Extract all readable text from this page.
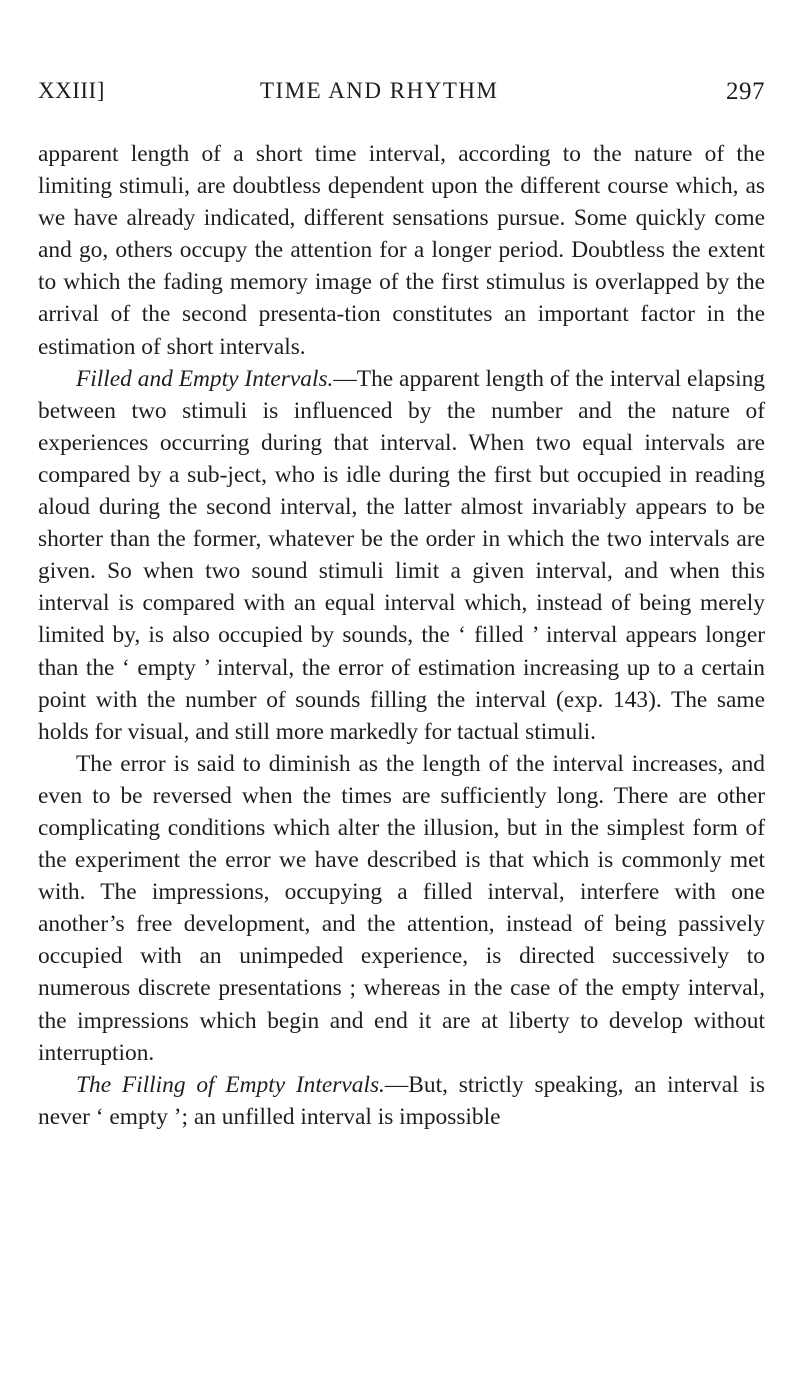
XXIII]	TIME AND RHYTHM	297

apparent length of a short time interval, according to the nature of the limiting stimuli, are doubtless dependent upon the different course which, as we have already indicated, different sensations pursue. Some quickly come and go, others occupy the attention for a longer period. Doubtless the extent to which the fading memory image of the first stimulus is overlapped by the arrival of the second presenta-tion constitutes an important factor in the estimation of short intervals.

Filled and Empty Intervals.—The apparent length of the interval elapsing between two stimuli is influenced by the number and the nature of experiences occurring during that interval. When two equal intervals are compared by a sub-ject, who is idle during the first but occupied in reading aloud during the second interval, the latter almost invariably appears to be shorter than the former, whatever be the order in which the two intervals are given. So when two sound stimuli limit a given interval, and when this interval is compared with an equal interval which, instead of being merely limited by, is also occupied by sounds, the ‘ filled ’ interval appears longer than the ‘ empty ’ interval, the error of estimation increasing up to a certain point with the number of sounds filling the interval (exp. 143). The same holds for visual, and still more markedly for tactual stimuli.

The error is said to diminish as the length of the interval increases, and even to be reversed when the times are sufficiently long. There are other complicating conditions which alter the illusion, but in the simplest form of the experiment the error we have described is that which is commonly met with. The impressions, occupying a filled interval, interfere with one another’s free development, and the attention, instead of being passively occupied with an unimpeded experience, is directed successively to numerous discrete presentations ; whereas in the case of the empty interval, the impressions which begin and end it are at liberty to develop without interruption.

The Filling of Empty Intervals.—But, strictly speaking, an interval is never ‘ empty ’; an unfilled interval is impossible
